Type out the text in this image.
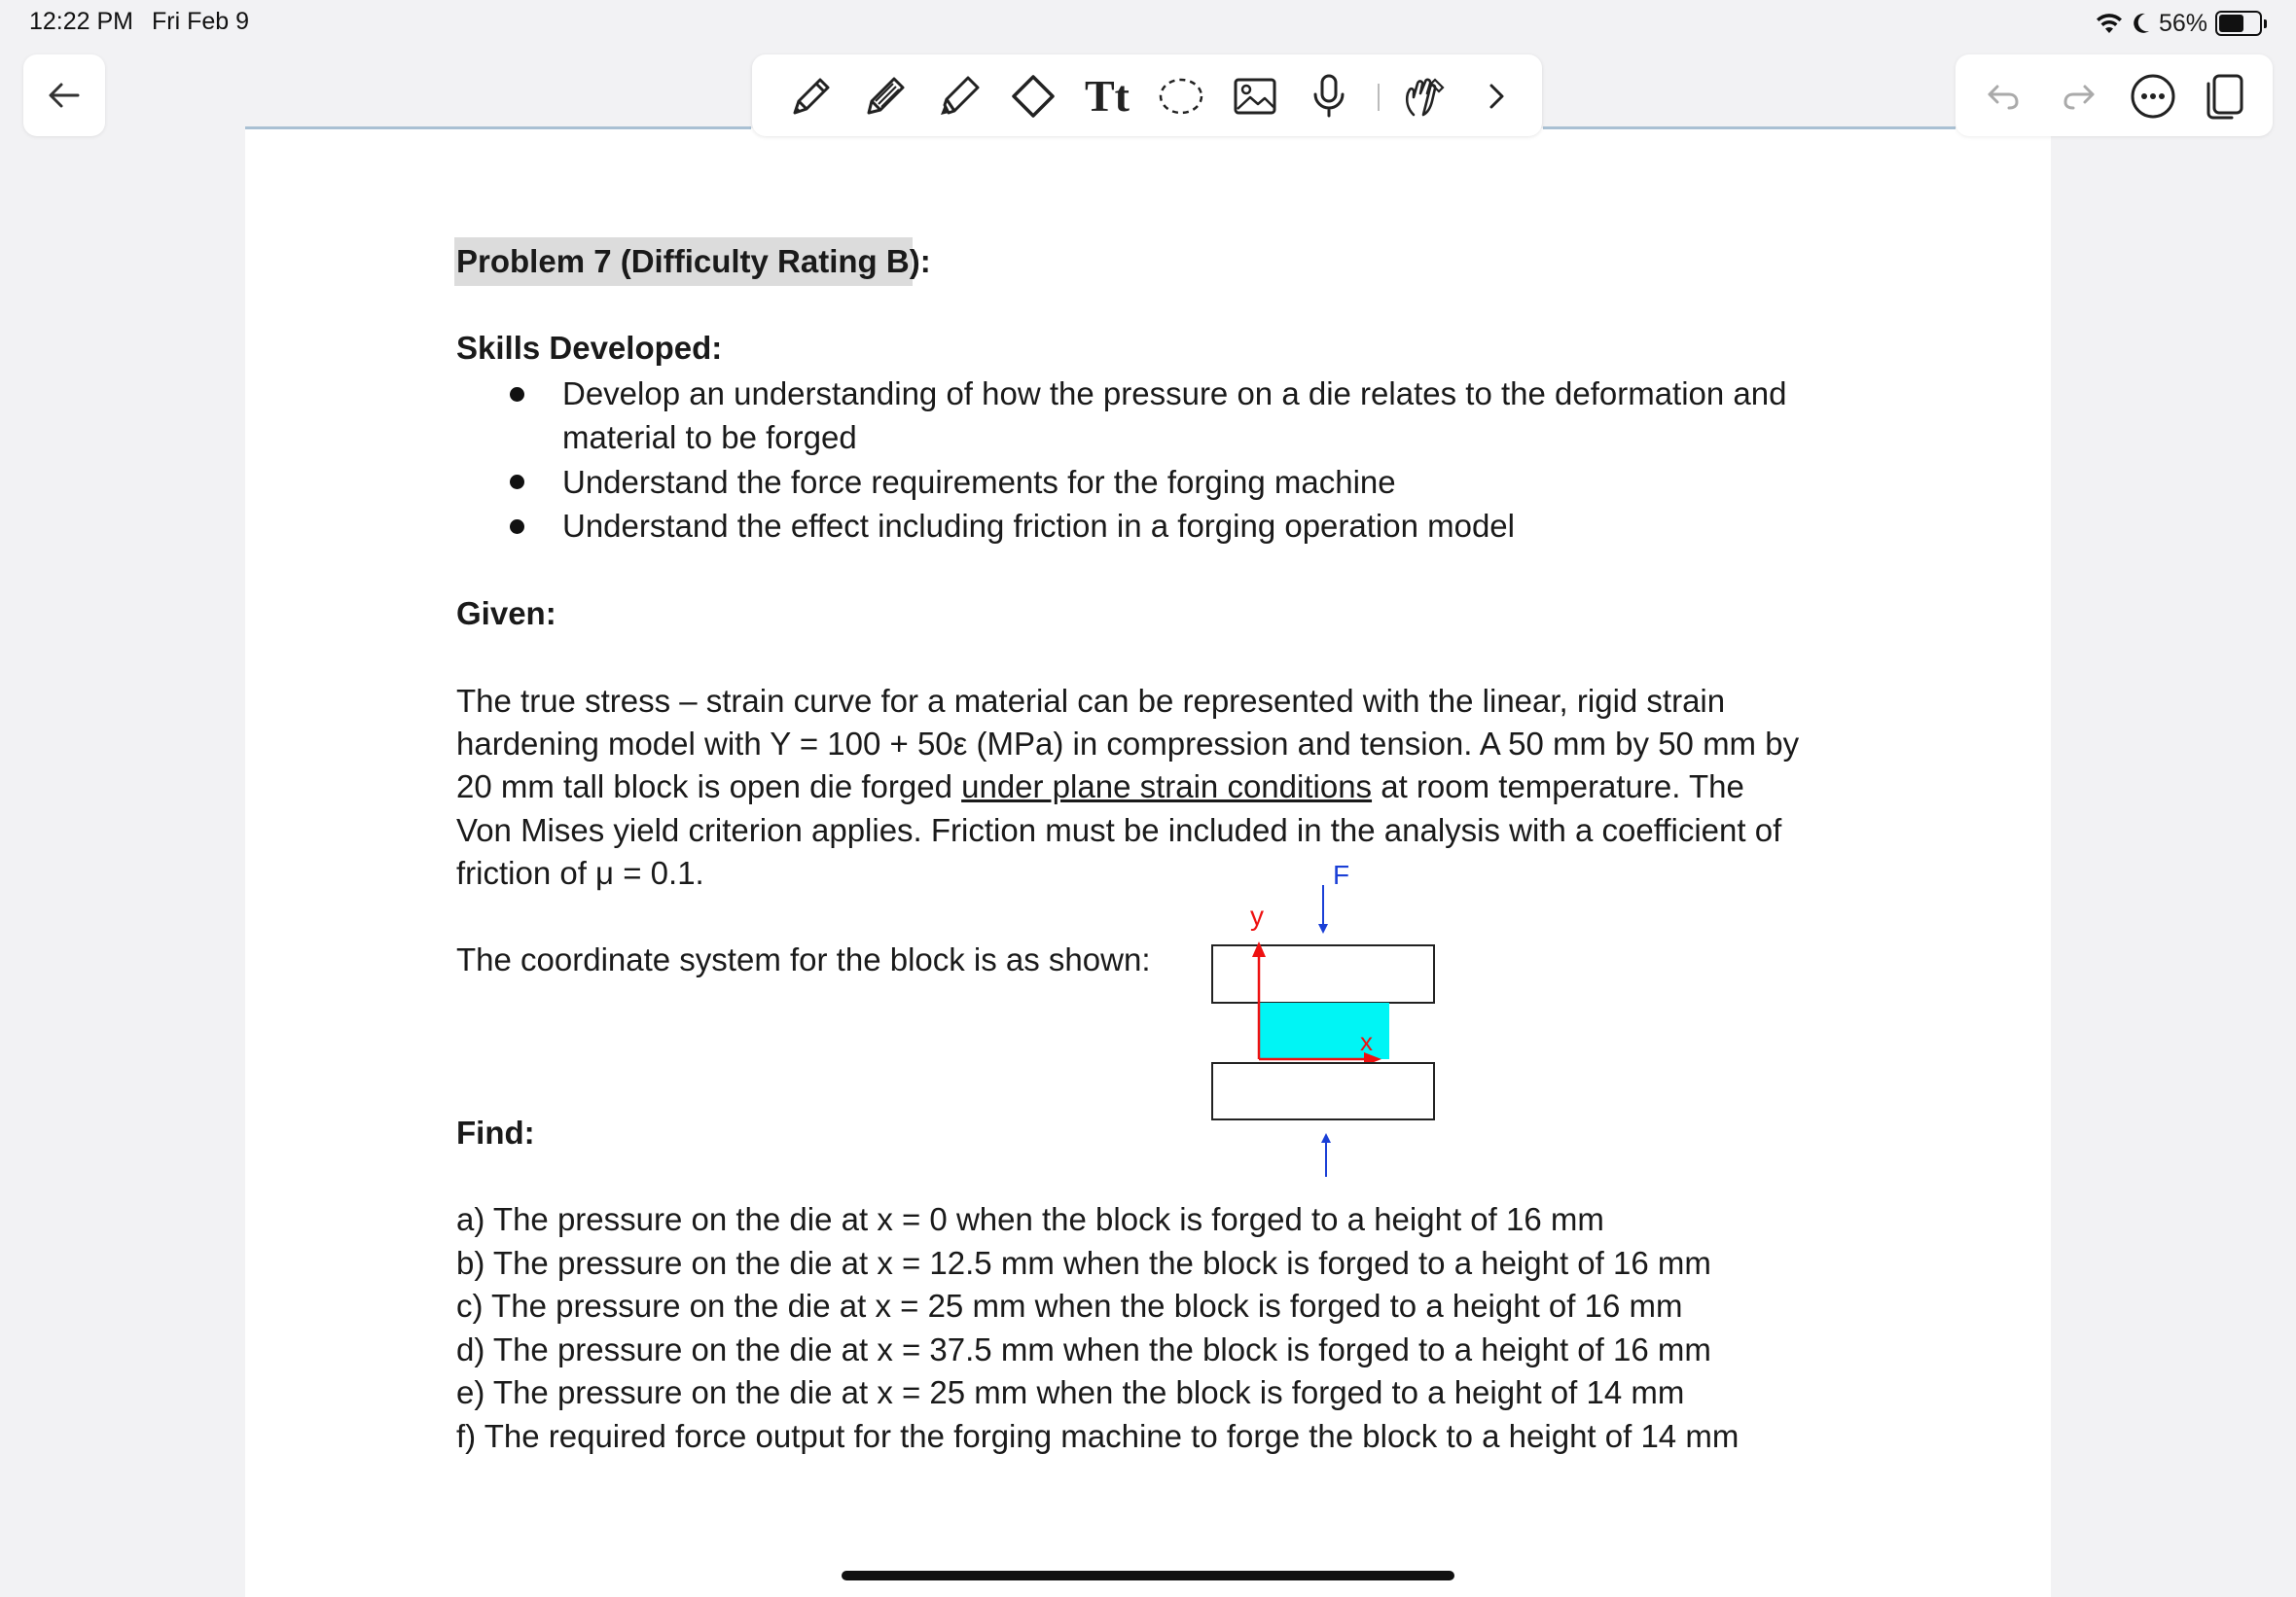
12:22 PM Fri Feb 9	56%
Tt
Problem 7 (Difficulty Rating B):
Skills Developed:
Develop an understanding of how the pressure on a die relates to the deformation and
material to be forged
Understand the force requirements for the forging machine
Understand the effect including friction in a forging operation model
Given:
The true stress – strain curve for a material can be represented with the linear, rigid strain
hardening model with Y = 100 + 50ε (MPa) in compression and tension. A 50 mm by 50 mm by
20 mm tall block is open die forged under plane strain conditions at room temperature. The
Von Mises yield criterion applies. Friction must be included in the analysis with a coefficient of
friction of μ = 0.1.
The coordinate system for the block is as shown:
F
y
x
Find:
a) The pressure on the die at x = 0 when the block is forged to a height of 16 mm
b) The pressure on the die at x = 12.5 mm when the block is forged to a height of 16 mm
c) The pressure on the die at x = 25 mm when the block is forged to a height of 16 mm
d) The pressure on the die at x = 37.5 mm when the block is forged to a height of 16 mm
e) The pressure on the die at x = 25 mm when the block is forged to a height of 14 mm
f) The required force output for the forging machine to forge the block to a height of 14 mm
